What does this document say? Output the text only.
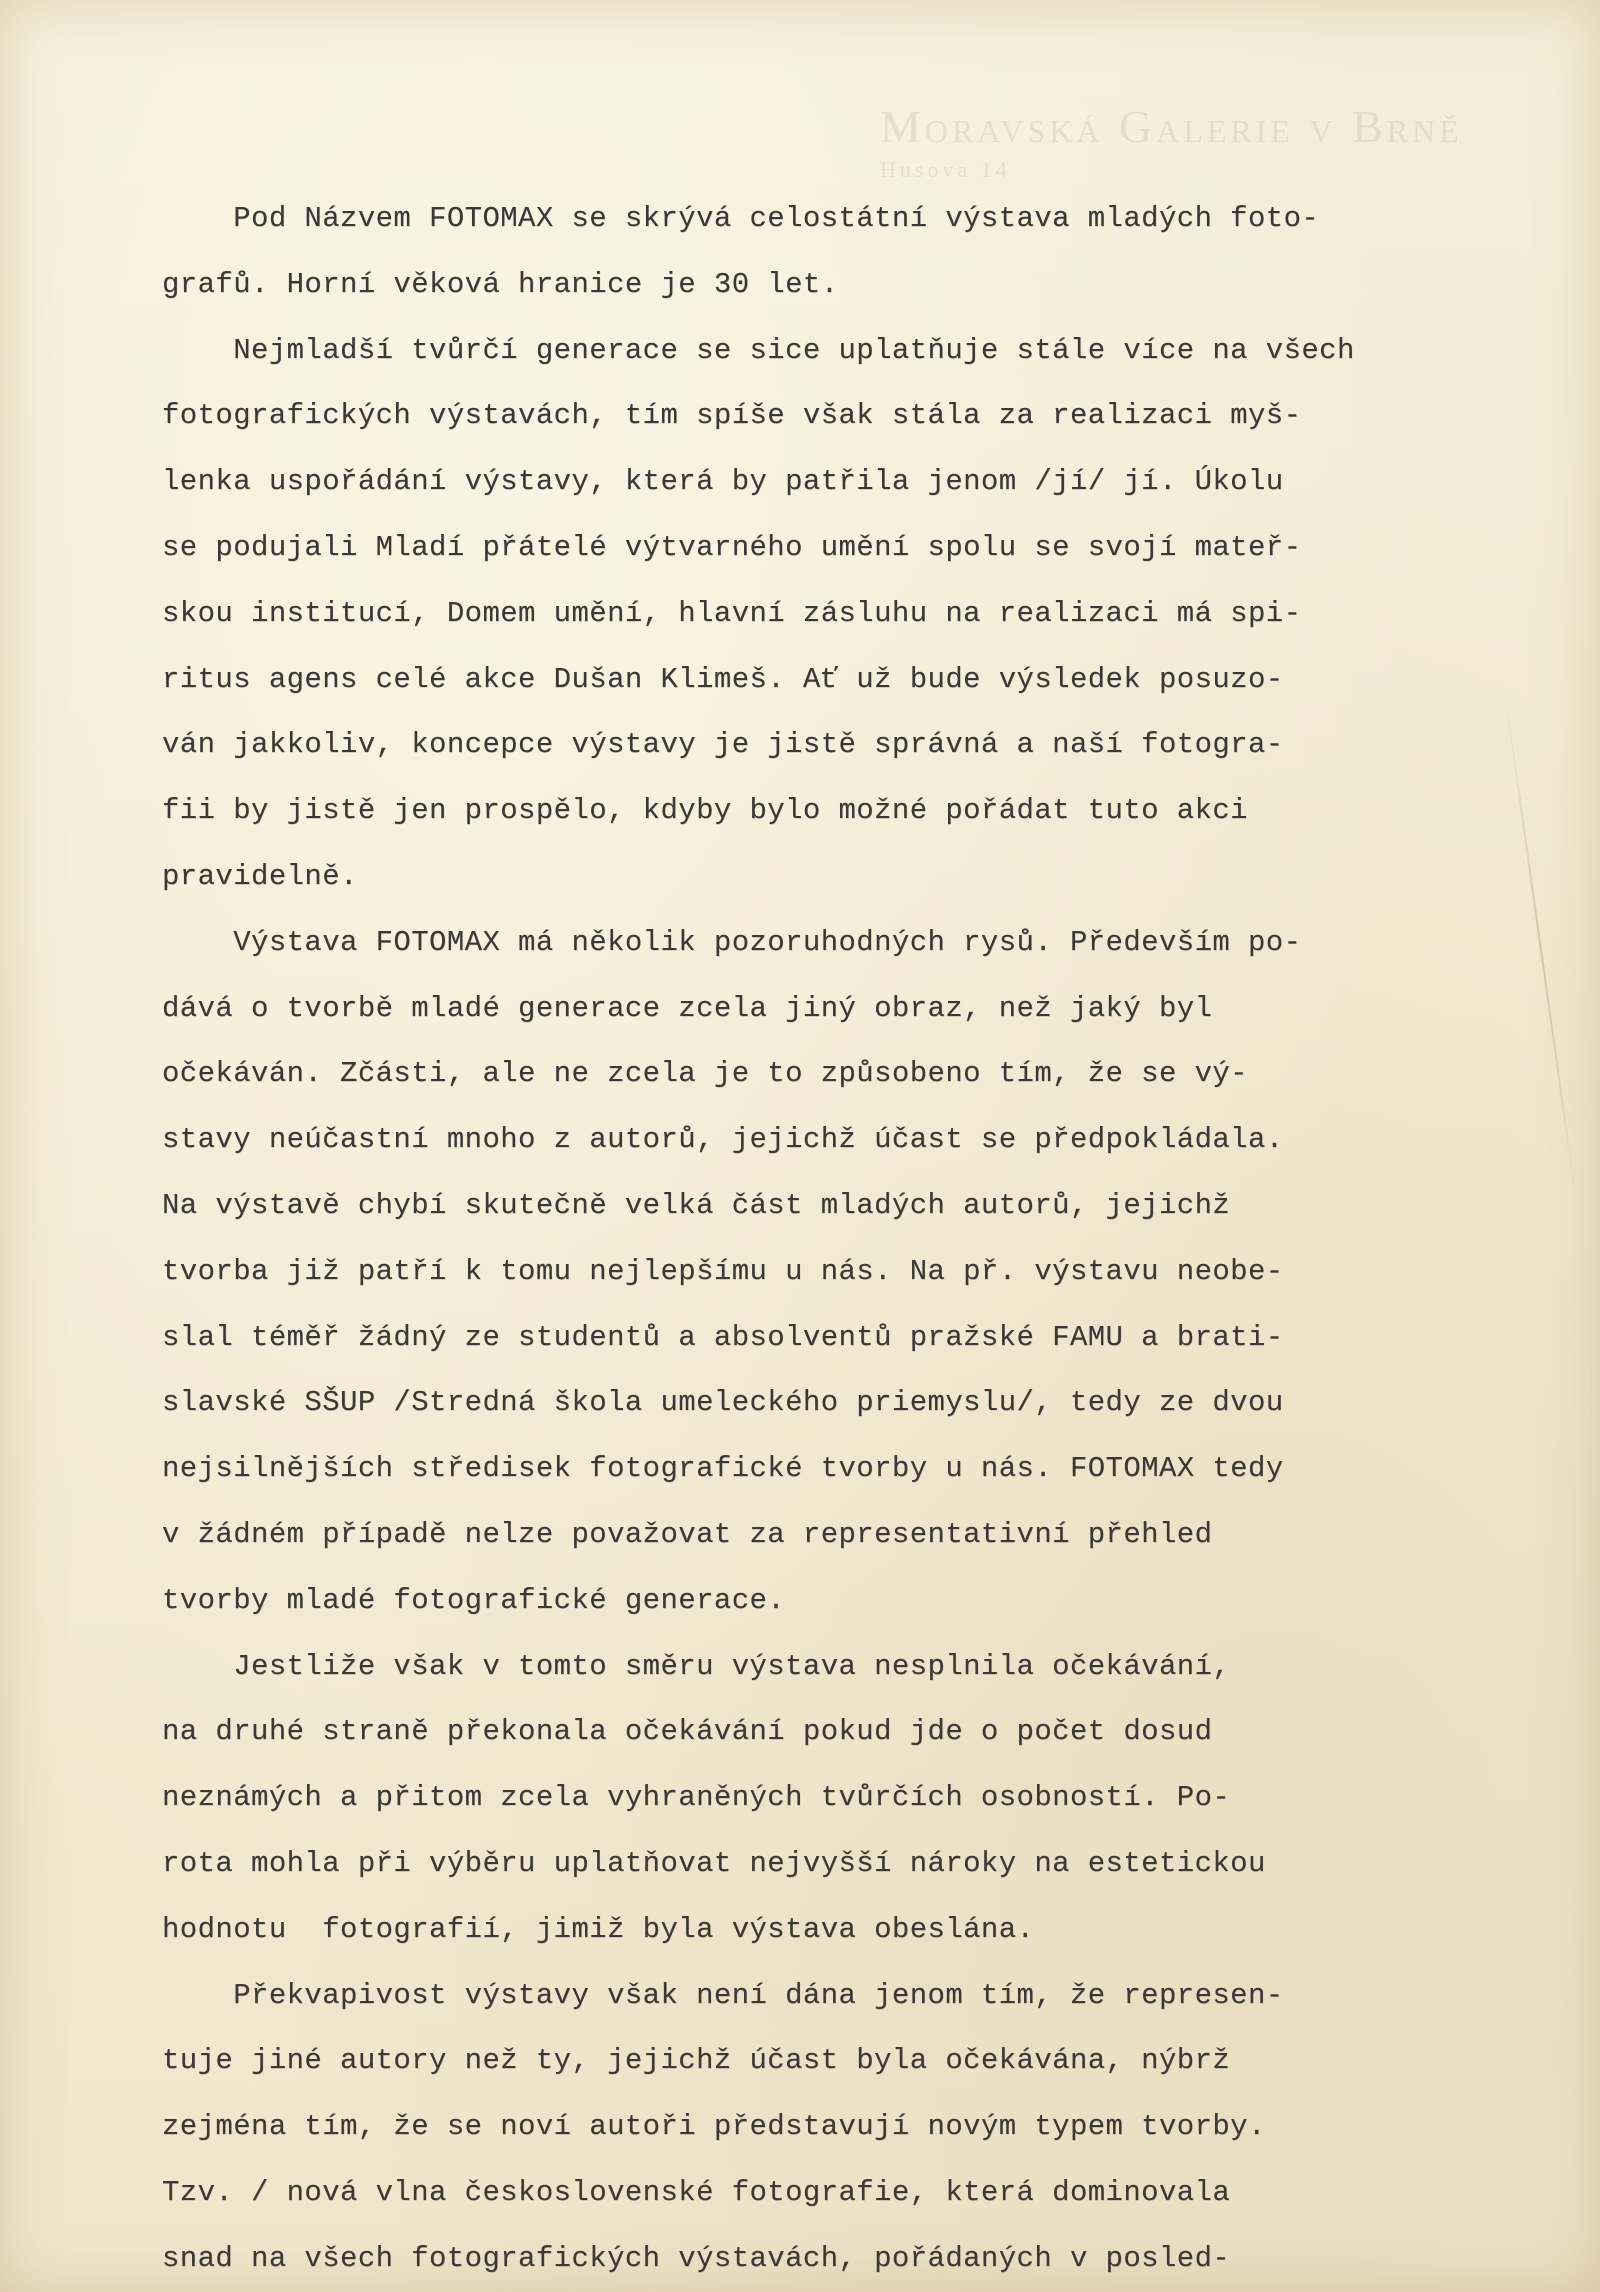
Moravská Galerie v Brně
Husova 14
Pod Názvem FOTOMAX se skrývá celostátní výstava mladých foto-
grafů. Horní věková hranice je 30 let.
Nejmladší tvůrčí generace se sice uplatňuje stále více na všech
fotografických výstavách, tím spíše však stála za realizaci myš-
lenka uspořádání výstavy, která by patřila jenom /jí/ jí. Úkolu
se podujali Mladí přátelé výtvarného umění spolu se svojí mateř-
skou institucí, Domem umění, hlavní zásluhu na realizaci má spi-
ritus agens celé akce Dušan Klimeš. Ať už bude výsledek posuzo-
ván jakkoliv, koncepce výstavy je jistě správná a naší fotogra-
fii by jistě jen prospělo, kdyby bylo možné pořádat tuto akci
pravidelně.
Výstava FOTOMAX má několik pozoruhodných rysů. Především po-
dává o tvorbě mladé generace zcela jiný obraz, než jaký byl
očekáván. Zčásti, ale ne zcela je to způsobeno tím, že se vý-
stavy neúčastní mnoho z autorů, jejichž účast se předpokládala.
Na výstavě chybí skutečně velká část mladých autorů, jejichž
tvorba již patří k tomu nejlepšímu u nás. Na př. výstavu neobe-
slal téměř žádný ze studentů a absolventů pražské FAMU a brati-
slavské SŠUP /Stredná škola umeleckého priemyslu/, tedy ze dvou
nejsilnějších středisek fotografické tvorby u nás. FOTOMAX tedy
v žádném případě nelze považovat za representativní přehled
tvorby mladé fotografické generace.
Jestliže však v tomto směru výstava nesplnila očekávání,
na druhé straně překonala očekávání pokud jde o počet dosud
neznámých a přitom zcela vyhraněných tvůrčích osobností. Po-
rota mohla při výběru uplatňovat nejvyšší nároky na estetickou
hodnotu  fotografií, jimiž byla výstava obeslána.
Překvapivost výstavy však není dána jenom tím, že represen-
tuje jiné autory než ty, jejichž účast byla očekávána, nýbrž
zejména tím, že se noví autoři představují novým typem tvorby.
Tzv. / nová vlna československé fotografie, která dominovala
snad na všech fotografických výstavách, pořádaných v posled-
